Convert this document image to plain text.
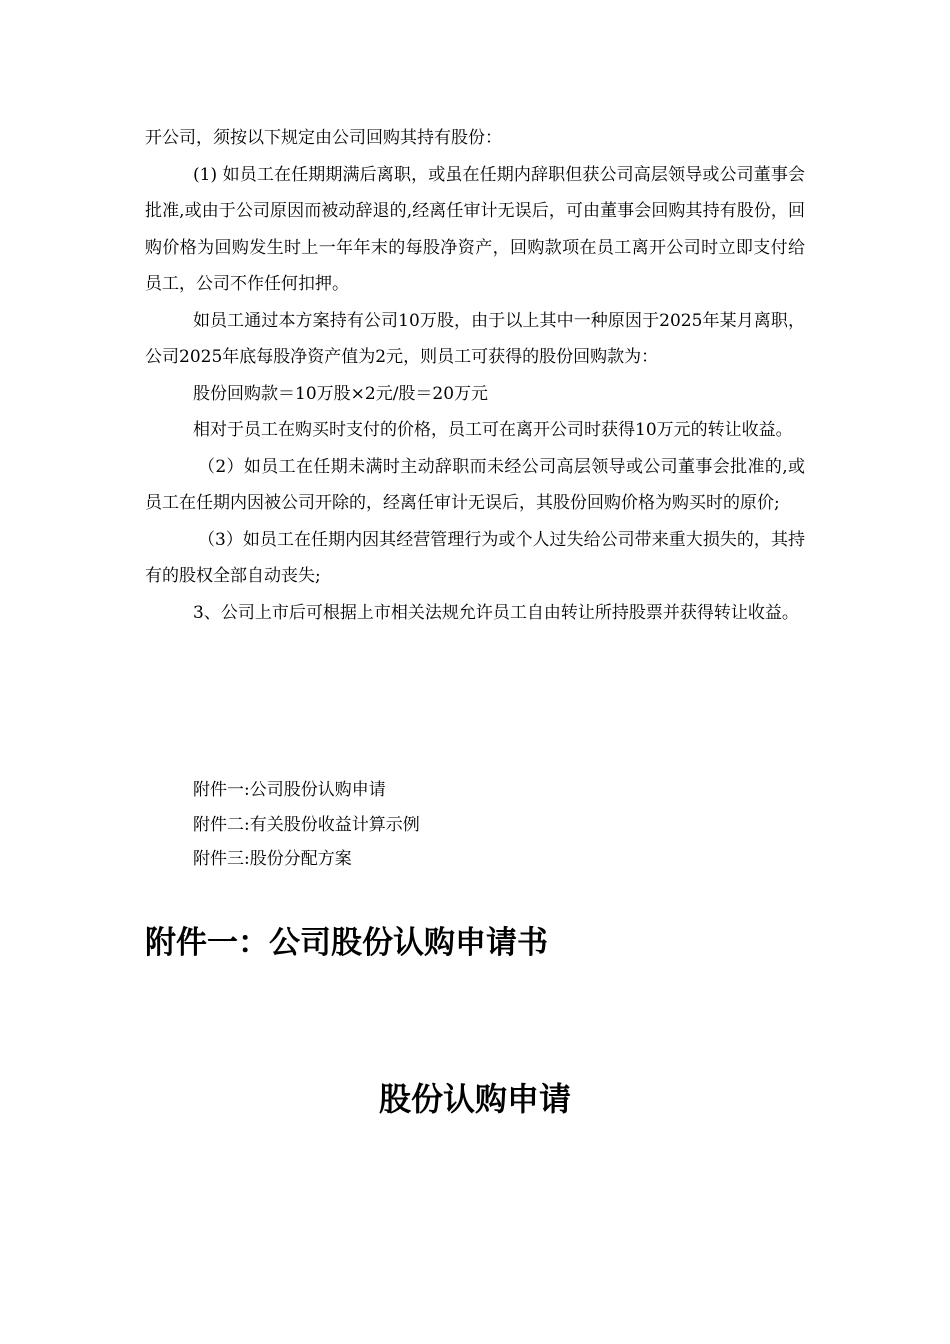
开公司，须按以下规定由公司回购其持有股份：

(1) 如员工在任期期满后离职，或虽在任期内辞职但获公司高层领导或公司董事会批准,或由于公司原因而被动辞退的,经离任审计无误后，可由董事会回购其持有股份，回购价格为回购发生时上一年年末的每股净资产，回购款项在员工离开公司时立即支付给员工，公司不作任何扣押。

如员工通过本方案持有公司10万股，由于以上其中一种原因于2025年某月离职，公司2025年底每股净资产值为2元，则员工可获得的股份回购款为：

股份回购款＝10万股×2元/股＝20万元

相对于员工在购买时支付的价格，员工可在离开公司时获得10万元的转让收益。

（2）如员工在任期未满时主动辞职而未经公司高层领导或公司董事会批准的,或员工在任期内因被公司开除的，经离任审计无误后，其股份回购价格为购买时的原价;

（3）如员工在任期内因其经营管理行为或个人过失给公司带来重大损失的，其持有的股权全部自动丧失;

3、公司上市后可根据上市相关法规允许员工自由转让所持股票并获得转让收益。

附件一:公司股份认购申请
附件二:有关股份收益计算示例
附件三:股份分配方案
附件一：公司股份认购申请书
股份认购申请
